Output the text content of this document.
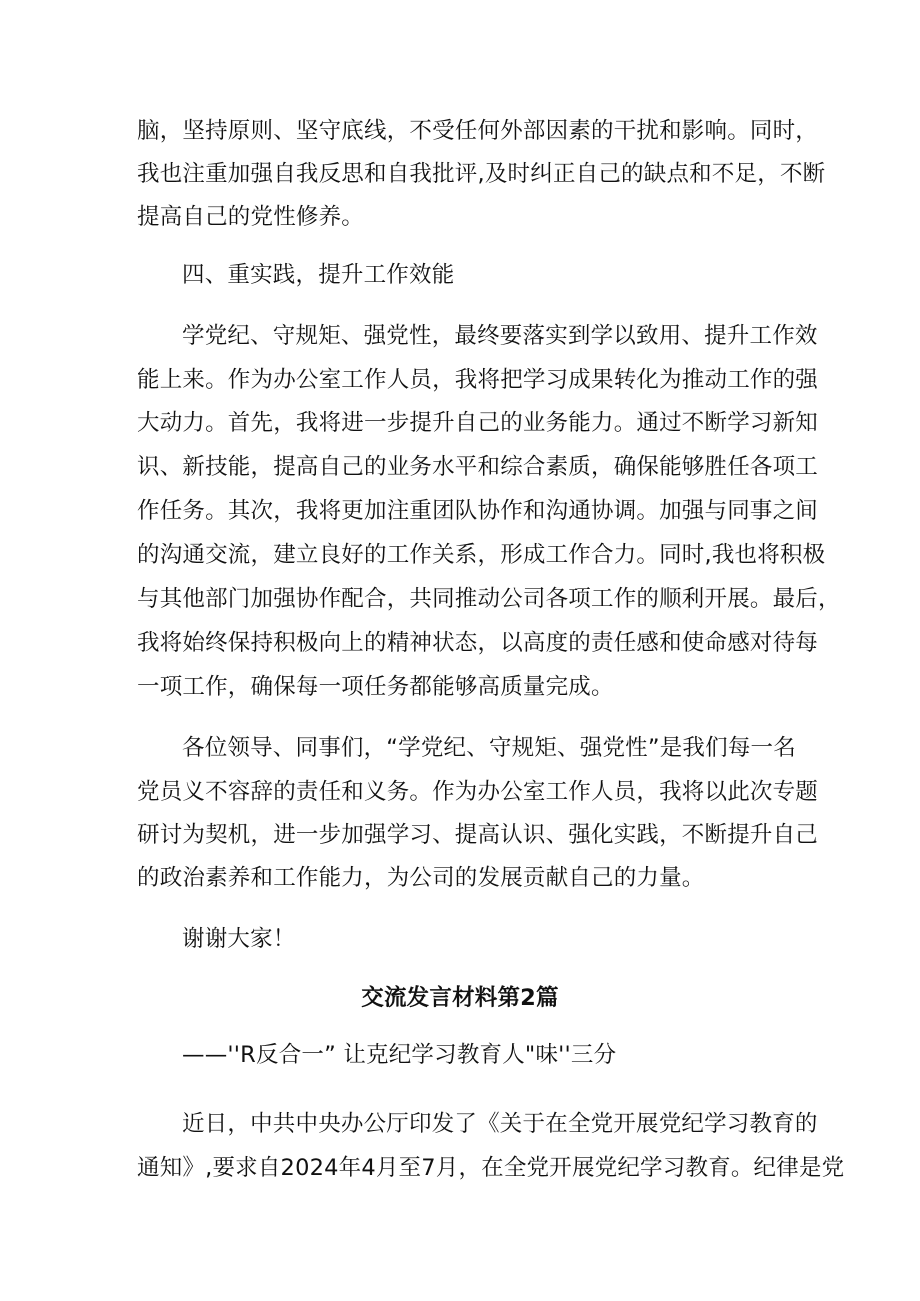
脑，坚持原则、坚守底线，不受任何外部因素的干扰和影响。同时，
我也注重加强自我反思和自我批评,及时纠正自己的缺点和不足，不断
提高自己的党性修养。
四、重实践，提升工作效能
学党纪、守规矩、强党性，最终要落实到学以致用、提升工作效
能上来。作为办公室工作人员，我将把学习成果转化为推动工作的强
大动力。首先，我将进一步提升自己的业务能力。通过不断学习新知
识、新技能，提高自己的业务水平和综合素质，确保能够胜任各项工
作任务。其次，我将更加注重团队协作和沟通协调。加强与同事之间
的沟通交流，建立良好的工作关系，形成工作合力。同时,我也将积极
与其他部门加强协作配合，共同推动公司各项工作的顺利开展。最后，
我将始终保持积极向上的精神状态，以高度的责任感和使命感对待每
一项工作，确保每一项任务都能够高质量完成。
各位领导、同事们，“学党纪、守规矩、强党性”是我们每一名
党员义不容辞的责任和义务。作为办公室工作人员，我将以此次专题
研讨为契机，进一步加强学习、提高认识、强化实践，不断提升自己
的政治素养和工作能力，为公司的发展贡献自己的力量。
谢谢大家！
交流发言材料第2篇
——''R反合一” 让克纪学习教育人"味''三分
近日，中共中央办公厅印发了《关于在全党开展党纪学习教育的
通知》,要求自2024年4月至7月，在全党开展党纪学习教育。纪律是党
